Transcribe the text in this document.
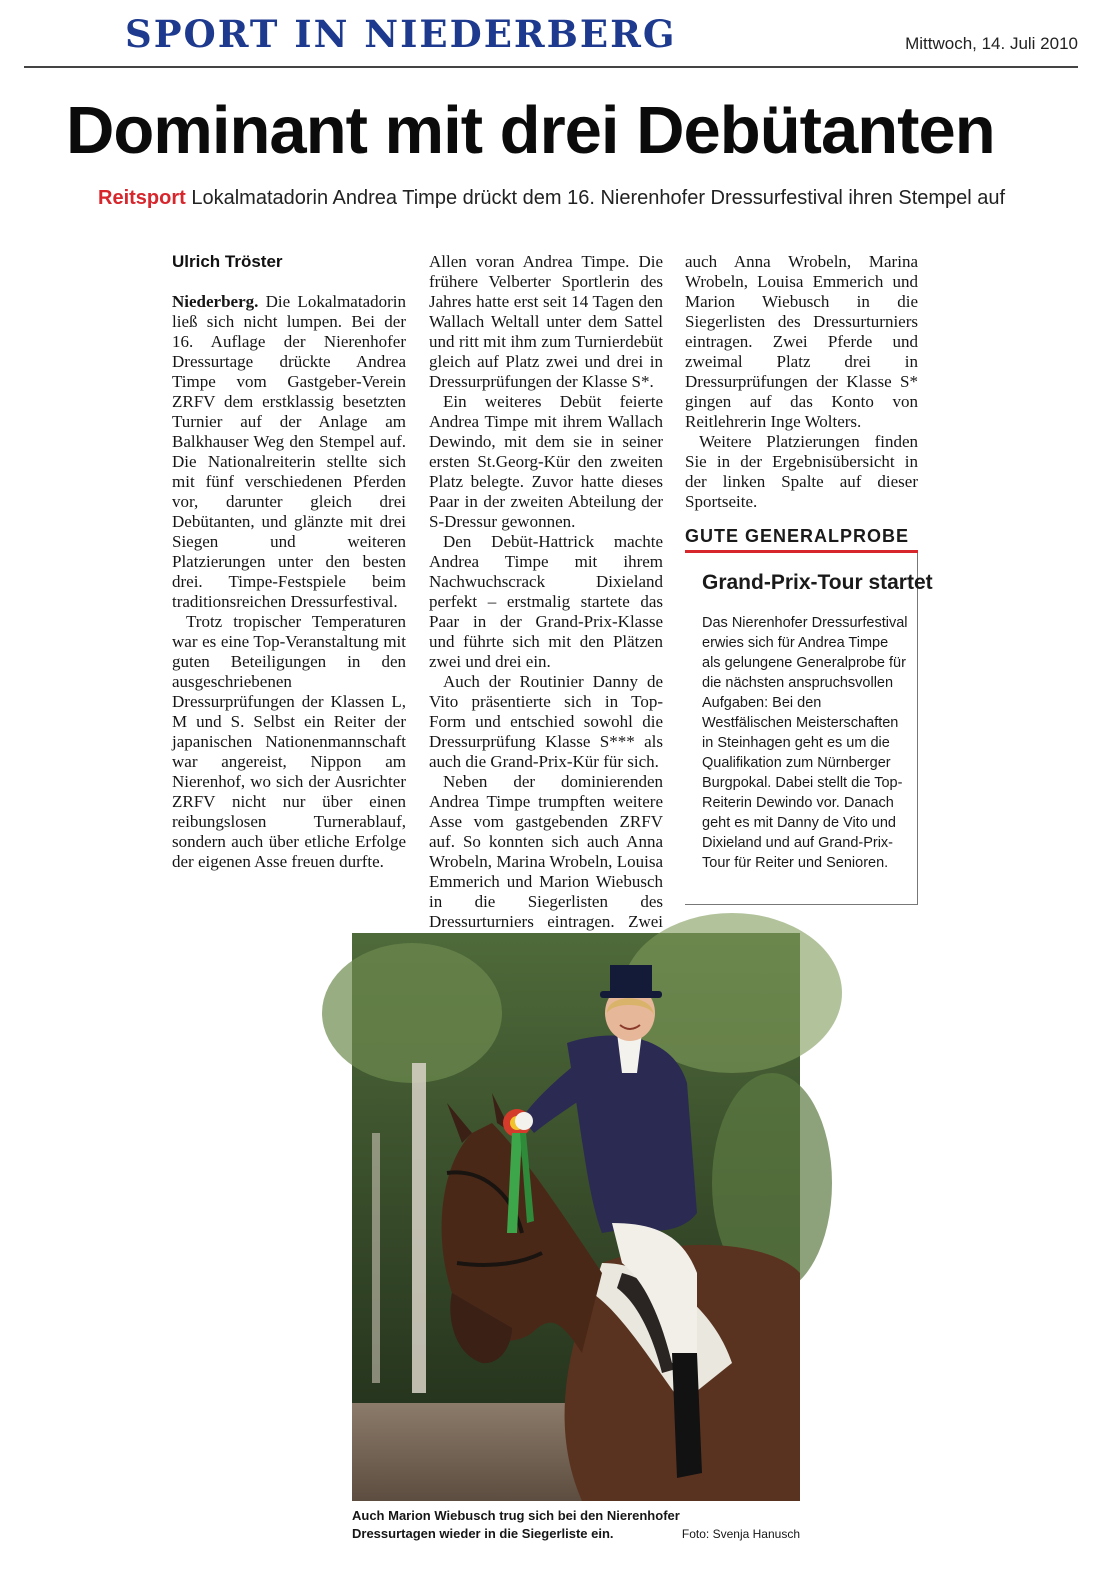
SPORT IN NIEDERBERG	Mittwoch, 14. Juli 2010
Dominant mit drei Debütanten
Reitsport Lokalmatadorin Andrea Timpe drückt dem 16. Nierenhofer Dressurfestival ihren Stempel auf
Ulrich Tröster

Niederberg. Die Lokalmatadorin ließ sich nicht lumpen. Bei der 16. Auflage der Nierenhofer Dressurtage drückte Andrea Timpe vom Gastgeber-Verein ZRFV dem erstklassig besetzten Turnier auf der Anlage am Balkhauser Weg den Stempel auf. Die Nationalreiterin stellte sich mit fünf verschiedenen Pferden vor, darunter gleich drei Debütanten, und glänzte mit drei Siegen und weiteren Platzierungen unter den besten drei. Timpe-Festspiele beim traditionsreichen Dressurfestival.

Trotz tropischer Temperaturen war es eine Top-Veranstaltung mit guten Beteiligungen in den ausgeschriebenen Dressurprüfungen der Klassen L, M und S. Selbst ein Reiter der japanischen Nationenmannschaft war angereist, Nippon am Nierenhof, wo sich der Ausrichter ZRFV nicht nur über einen reibungslosen Turnerablauf, sondern auch über etliche Erfolge der eigenen Asse freuen durfte.

Allen voran Andrea Timpe. Die frühere Velberter Sportlerin des Jahres hatte erst seit 14 Tagen den Wallach Weltall unter dem Sattel und ritt mit ihm zum Turnierdebüt gleich auf Platz zwei und drei in Dressurprüfungen der Klasse S*.

Ein weiteres Debüt feierte Andrea Timpe mit ihrem Wallach Dewindo, mit dem sie in seiner ersten St.Georg-Kür den zweiten Platz belegte. Zuvor hatte dieses Paar in der zweiten Abteilung der S-Dressur gewonnen.

Den Debüt-Hattrick machte Andrea Timpe mit ihrem Nachwuchscrack Dixieland perfekt – erstmalig startete das Paar in der Grand-Prix-Klasse und führte sich mit den Plätzen zwei und drei ein.

Auch der Routinier Danny de Vito präsentierte sich in Top-Form und entschied sowohl die Dressurprüfung Klasse S*** als auch die Grand-Prix-Kür für sich.

Neben der dominierenden Andrea Timpe trumpften weitere Asse vom gastgebenden ZRFV auf. So konnten sich auch Anna Wrobeln, Marina Wrobeln, Louisa Emmerich und Marion Wiebusch in die Siegerlisten des Dressurturniers eintragen. Zwei

auch Anna Wrobeln, Marina Wrobeln, Louisa Emmerich und Marion Wiebusch in die Siegerlisten des Dressurturniers eintragen. Zwei Pferde und zweimal Platz drei in Dressurprüfungen der Klasse S* gingen auf das Konto von Reitlehrerin Inge Wolters.

Weitere Platzierungen finden Sie in der Ergebnisübersicht in der linken Spalte auf dieser Sportseite.

GUTE GENERALPROBE
Grand-Prix-Tour startet
Das Nierenhofer Dressurfestival erwies sich für Andrea Timpe als gelungene Generalprobe für die nächsten anspruchsvollen Aufgaben: Bei den Westfälischen Meisterschaften in Steinhagen geht es um die Qualifikation zum Nürnberger Burgpokal. Dabei stellt die Top-Reiterin Dewindo vor. Danach geht es mit Danny de Vito und Dixieland und auf Grand-Prix-Tour für Reiter und Senioren.
Auch Marion Wiebusch trug sich bei den Nierenhofer Dressurtagen wieder in die Siegerliste ein.	Foto: Svenja Hanusch
